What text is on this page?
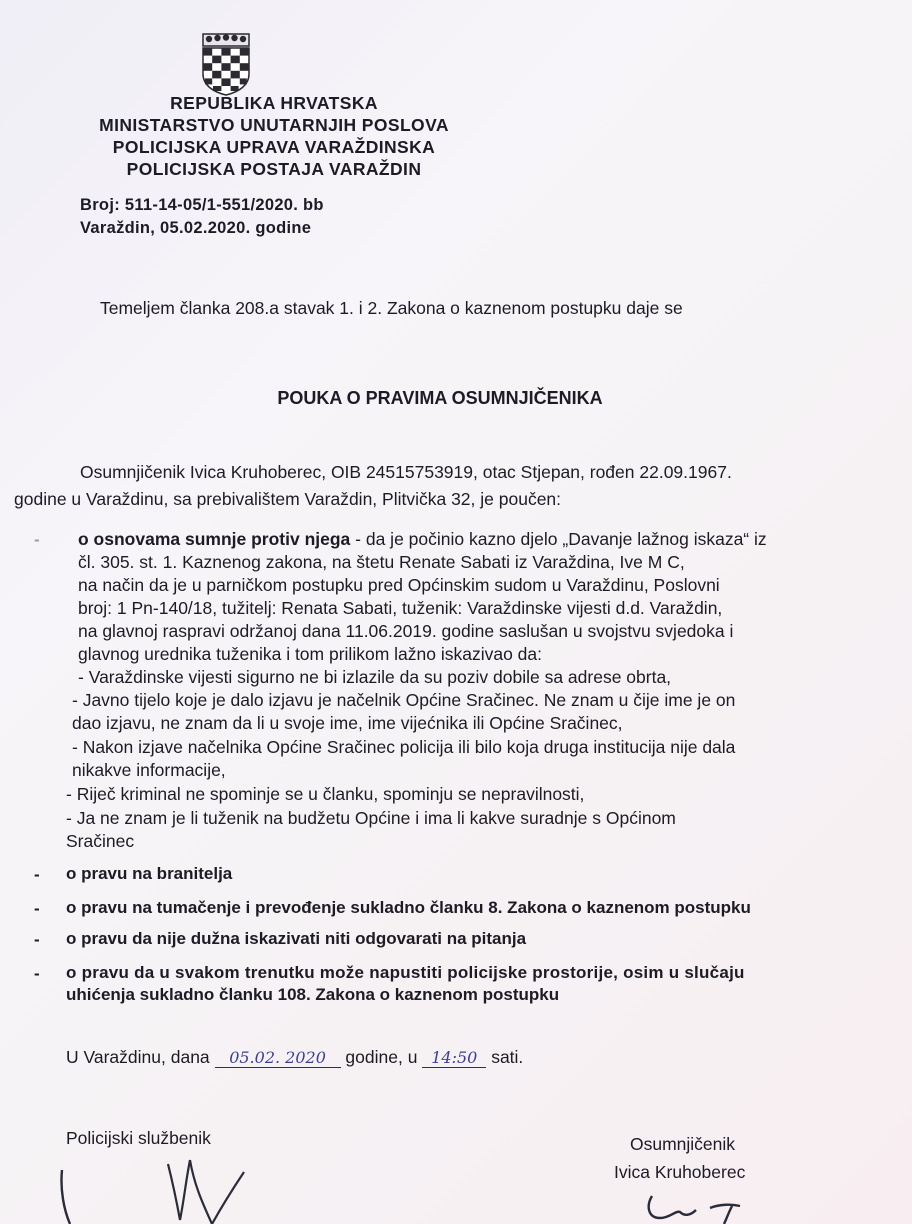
REPUBLIKA HRVATSKA
MINISTARSTVO UNUTARNJIH POSLOVA
POLICIJSKA UPRAVA VARAŽDINSKA
POLICIJSKA POSTAJA VARAŽDIN
Broj: 511-14-05/1-551/2020. bb
Varaždin, 05.02.2020. godine
Temeljem članka 208.a stavak 1. i 2. Zakona o kaznenom postupku daje se
POUKA O PRAVIMA OSUMNJIČENIKA
Osumnjičenik Ivica Kruhoberec, OIB 24515753919, otac Stjepan, rođen 22.09.1967.
godine u Varaždinu, sa prebivalištem Varaždin, Plitvička 32, je poučen:
- o osnovama sumnje protiv njega - da je počinio kazno djelo „Davanje lažnog iskaza“ iz
čl. 305. st. 1. Kaznenog zakona, na štetu Renate Sabati iz Varaždina, Ive M C,
na način da je u parničkom postupku pred Općinskim sudom u Varaždinu, Poslovni
broj: 1 Pn-140/18, tužitelj: Renata Sabati, tuženik: Varaždinske vijesti d.d. Varaždin,
na glavnoj raspravi održanoj dana 11.06.2019. godine saslušan u svojstvu svjedoka i
glavnog urednika tuženika i tom prilikom lažno iskazivao da:
- Varaždinske vijesti sigurno ne bi izlazile da su poziv dobile sa adrese obrta,
- Javno tijelo koje je dalo izjavu je načelnik Općine Sračinec. Ne znam u čije ime je on
dao izjavu, ne znam da li u svoje ime, ime vijećnika ili Općine Sračinec,
- Nakon izjave načelnika Općine Sračinec policija ili bilo koja druga institucija nije dala
nikakve informacije,
- Riječ kriminal ne spominje se u članku, spominju se nepravilnosti,
- Ja ne znam je li tuženik na budžetu Općine i ima li kakve suradnje s Općinom
Sračinec
- o pravu na branitelja
- o pravu na tumačenje i prevođenje sukladno članku 8. Zakona o kaznenom postupku
- o pravu da nije dužna iskazivati niti odgovarati na pitanja
- o pravu da u svakom trenutku može napustiti policijske prostorije, osim u slučaju
uhićenja sukladno članku 108. Zakona o kaznenom postupku
U Varaždinu, dana 05.02. 2020 godine, u 14:50 sati.
Policijski službenik	Osumnjičenik
Ivica Kruhoberec
